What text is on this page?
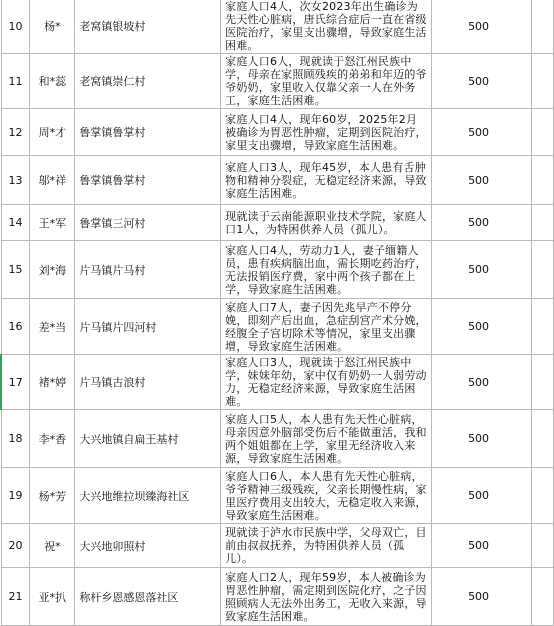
10	杨*	老窝镇银坡村	家庭人口4人，次女2023年出生确诊为先天性心脏病，唐氏综合症后一直在省级医院治疗，家里支出骤增，导致家庭生活困难。	500	
11	和*蕊	老窝镇崇仁村	家庭人口6人，现就读于怒江州民族中学，母亲在家照顾残疾的弟弟和年迈的爷爷奶奶，家里收入仅靠父亲一人在外务工，家庭生活困难。	500	
12	周*才	鲁掌镇鲁掌村	家庭人口4人，现年60岁，2025年2月被确诊为胃恶性肿瘤，定期到医院治疗，家里支出骤增，导致家庭生活困难。	500	
13	邬*祥	鲁掌镇鲁掌村	家庭人口3人，现年45岁，本人患有舌肿物和精神分裂症，无稳定经济来源，导致家庭生活困难。	500	
14	王*军	鲁掌镇三河村	现就读于云南能源职业技术学院，家庭人口1人，为特困供养人员（孤儿）。	500	
15	刘*海	片马镇片马村	家庭人口4人，劳动力1人，妻子缅籍人员，患有疾病脑出血，需长期吃药治疗，无法报销医疗费，家中两个孩子都在上学，导致家庭生活困难。	500	
16	差*当	片马镇片四河村	家庭人口7人，妻子因先兆早产不停分娩，即刻产后出血，急症刮宫产术分娩，经腹全子宫切除术等情况，家里支出骤增，导致家庭生活困难。	500	
17	褚*婷	片马镇古浪村	家庭人口3人，现就读于怒江州民族中学，妹妹年幼，家中仅有奶奶一人弱劳动力，无稳定经济来源，导致家庭生活困难。	500	
18	李*香	大兴地镇自扁王基村	家庭人口5人，本人患有先天性心脏病，母亲因意外脑部受伤后不能做重活，我和两个姐姐都在上学，家里无经济收入来源，导致家庭生活困难。	500	
19	杨*芳	大兴地维拉坝臻海社区	家庭人口6人，本人患有先天性心脏病，爷爷精神三级残疾，父亲长期慢性病，家里医疗费用支出较大，无稳定收入来源，导致家庭生活困难。	500	
20	祝*	大兴地卯照村	现就读于泸水市民族中学，父母双亡，目前由叔叔抚养，为特困供养人员（孤儿）。	500	
21	亚*扒	称杆乡恩感恩落社区	家庭人口2人，现年59岁，本人被确诊为胃恶性肿瘤，需定期到医院化疗，之子因照顾病人无法外出务工，无收入来源，导致家庭生活困难。	500	
